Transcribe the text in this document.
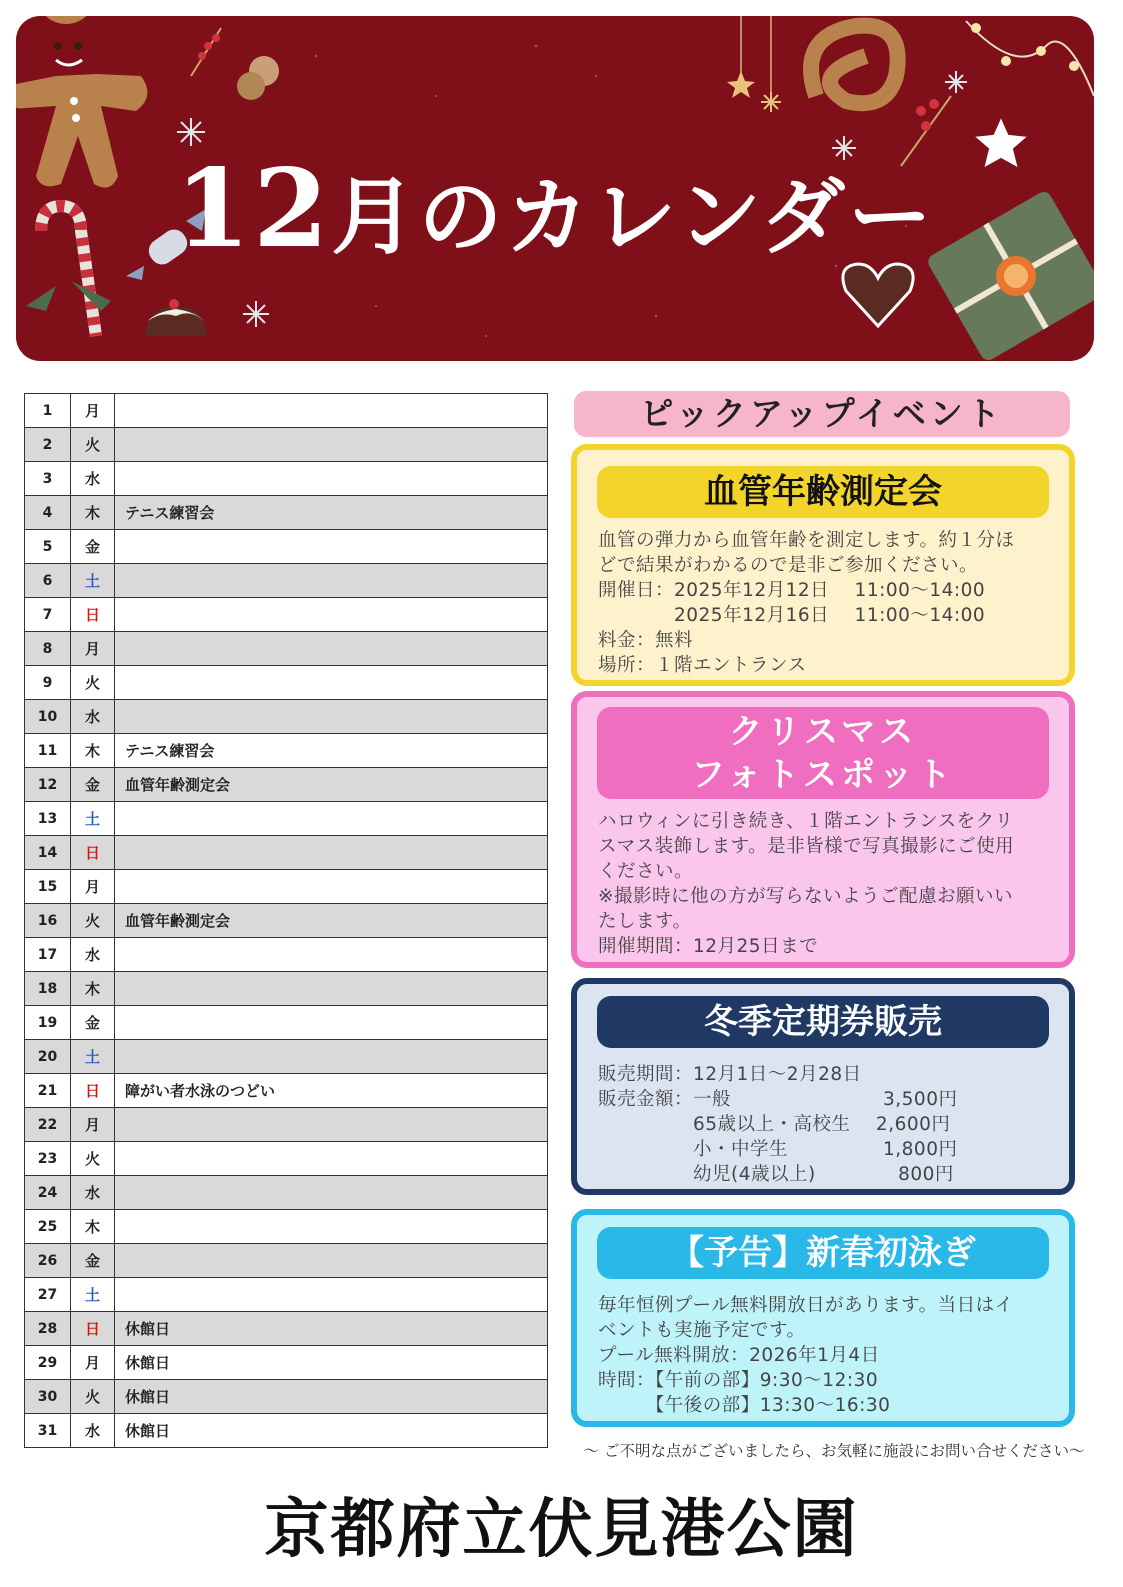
12月のカレンダー
1	月	
2	火	
3	水	
4	木	テニス練習会
5	金	
6	土	
7	日	
8	月	
9	火	
10	水	
11	木	テニス練習会
12	金	血管年齢測定会
13	土	
14	日	
15	月	
16	火	血管年齢測定会
17	水	
18	木	
19	金	
20	土	
21	日	障がい者水泳のつどい
22	月	
23	火	
24	水	
25	木	
26	金	
27	土	
28	日	休館日
29	月	休館日
30	火	休館日
31	水	休館日
ピックアップイベント
血管年齢測定会

血管の弾力から血管年齢を測定します。約１分ほ

どで結果がわかるので是非ご参加ください。

開催日：2025年12月12日　 11:00～14:00

　　　　2025年12月16日　 11:00～14:00

料金：無料

場所：１階エントランス

クリスマス
フォトスポット

ハロウィンに引き続き、１階エントランスをクリ

スマス装飾します。是非皆様で写真撮影にご使用

ください。

※撮影時に他の方が写らないようご配慮お願いい

たします。

開催期間：12月25日まで

冬季定期券販売

販売期間：12月1日～2月28日

販売金額：一般　　　　　　　　3,500円

　　　　　65歳以上・高校生　 2,600円

　　　　　小・中学生　　　　　1,800円

　　　　　幼児(4歳以上)　　　　 800円

【予告】新春初泳ぎ

毎年恒例プール無料開放日があります。当日はイ

ベントも実施予定です。

プール無料開放：2026年1月4日

時間：【午前の部】9:30～12:30

　　　【午後の部】13:30～16:30

～ ご不明な点がございましたら、お気軽に施設にお問い合せください～
京都府立伏見港公園
